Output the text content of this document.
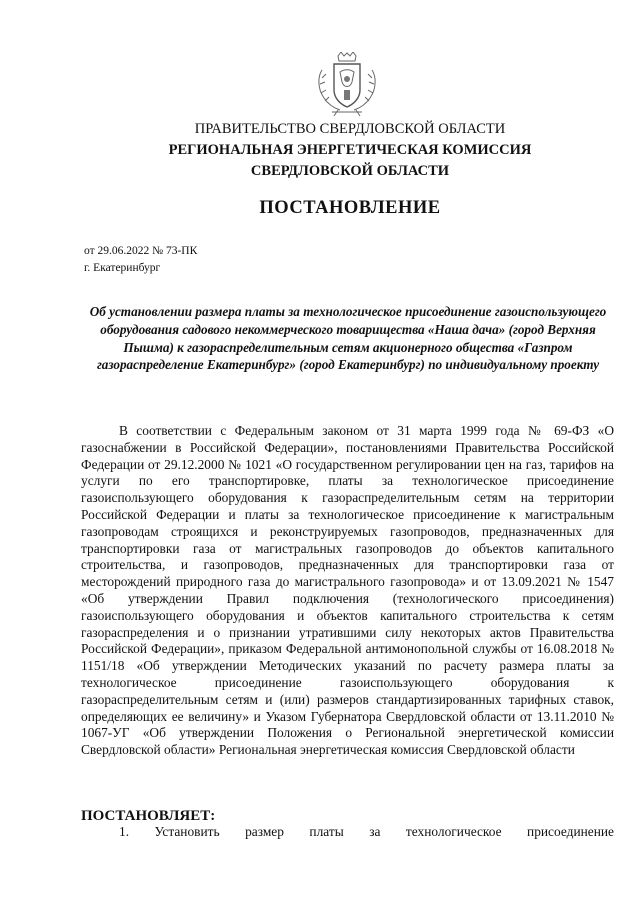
ПРАВИТЕЛЬСТВО СВЕРДЛОВСКОЙ ОБЛАСТИ
РЕГИОНАЛЬНАЯ ЭНЕРГЕТИЧЕСКАЯ КОМИССИЯ
СВЕРДЛОВСКОЙ ОБЛАСТИ
ПОСТАНОВЛЕНИЕ
от 29.06.2022 № 73-ПК
г. Екатеринбург
Об установлении размера платы за технологическое присоединение газоиспользующего оборудования садового некоммерческого товарищества «Наша дача» (город Верхняя Пышма) к газораспределительным сетям акционерного общества «Газпром газораспределение Екатеринбург» (город Екатеринбург) по индивидуальному проекту
В соответствии с Федеральным законом от 31 марта 1999 года № 69-ФЗ «О газоснабжении в Российской Федерации», постановлениями Правительства Российской Федерации от 29.12.2000 № 1021 «О государственном регулировании цен на газ, тарифов на услуги по его транспортировке, платы за технологическое присоединение газоиспользующего оборудования к газораспределительным сетям на территории Российской Федерации и платы за технологическое присоединение к магистральным газопроводам строящихся и реконструируемых газопроводов, предназначенных для транспортировки газа от магистральных газопроводов до объектов капитального строительства, и газопроводов, предназначенных для транспортировки газа от месторождений природного газа до магистрального газопровода» и от 13.09.2021 № 1547 «Об утверждении Правил подключения (технологического присоединения) газоиспользующего оборудования и объектов капитального строительства к сетям газораспределения и о признании утратившими силу некоторых актов Правительства Российской Федерации», приказом Федеральной антимонопольной службы от 16.08.2018 № 1151/18 «Об утверждении Методических указаний по расчету размера платы за технологическое присоединение газоиспользующего оборудования к газораспределительным сетям и (или) размеров стандартизированных тарифных ставок, определяющих ее величину» и Указом Губернатора Свердловской области от 13.11.2010 № 1067-УГ «Об утверждении Положения о Региональной энергетической комиссии Свердловской области» Региональная энергетическая комиссия Свердловской области
ПОСТАНОВЛЯЕТ:
1. Установить размер платы за технологическое присоединение
